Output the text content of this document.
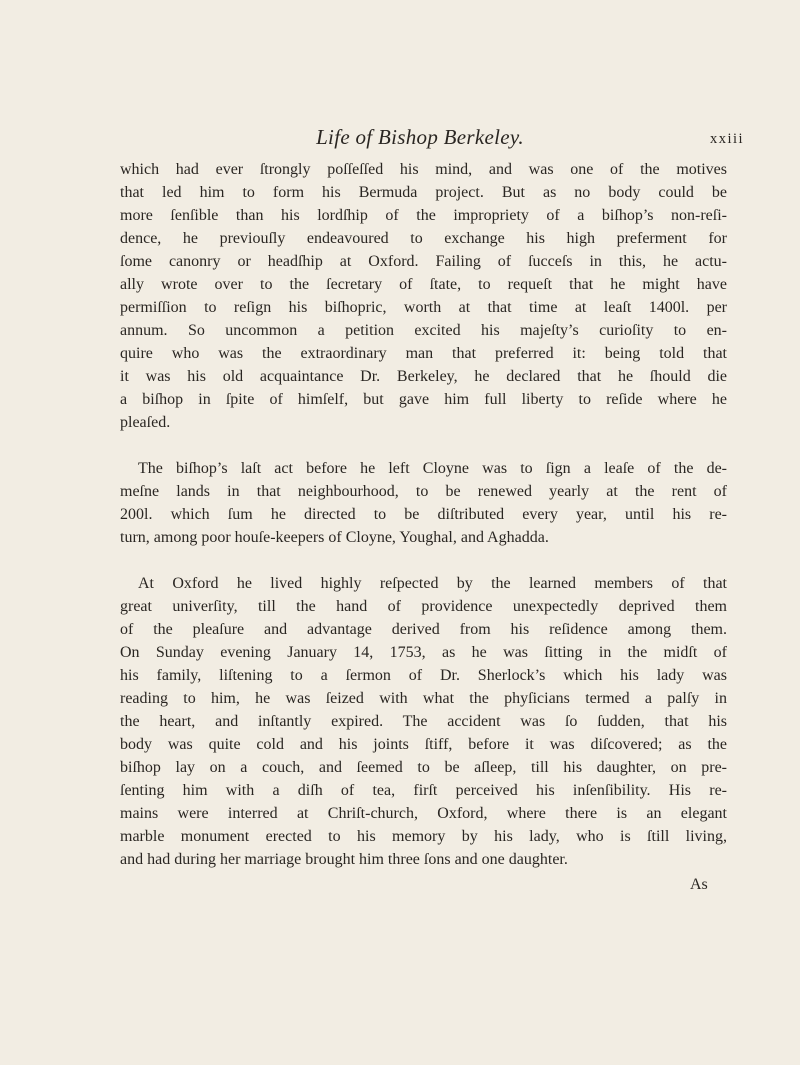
Life of Bishop Berkeley.	xxiii
which had ever ſtrongly poſſeſſed his mind, and was one of the motives
that led him to form his Bermuda project. But as no body could be
more ſenſible than his lordſhip of the impropriety of a biſhop’s non-reſi-
dence, he previouſly endeavoured to exchange his high preferment for
ſome canonry or headſhip at Oxford. Failing of ſucceſs in this, he actu-
ally wrote over to the ſecretary of ſtate, to requeſt that he might have
permiſſion to reſign his biſhopric, worth at that time at leaſt 1400l. per
annum. So uncommon a petition excited his majeſty’s curioſity to en-
quire who was the extraordinary man that preferred it: being told that
it was his old acquaintance Dr. Berkeley, he declared that he ſhould die
a biſhop in ſpite of himſelf, but gave him full liberty to reſide where he
pleaſed.
The biſhop’s laſt act before he left Cloyne was to ſign a leaſe of the de-
meſne lands in that neighbourhood, to be renewed yearly at the rent of
200l. which ſum he directed to be diſtributed every year, until his re-
turn, among poor houſe-keepers of Cloyne, Youghal, and Aghadda.
At Oxford he lived highly reſpected by the learned members of that
great univerſity, till the hand of providence unexpectedly deprived them
of the pleaſure and advantage derived from his reſidence among them.
On Sunday evening January 14, 1753, as he was ſitting in the midſt of
his family, liſtening to a ſermon of Dr. Sherlock’s which his lady was
reading to him, he was ſeized with what the phyſicians termed a palſy in
the heart, and inſtantly expired. The accident was ſo ſudden, that his
body was quite cold and his joints ſtiff, before it was diſcovered; as the
biſhop lay on a couch, and ſeemed to be aſleep, till his daughter, on pre-
ſenting him with a diſh of tea, firſt perceived his inſenſibility. His re-
mains were interred at Chriſt-church, Oxford, where there is an elegant
marble monument erected to his memory by his lady, who is ſtill living,
and had during her marriage brought him three ſons and one daughter.
As
